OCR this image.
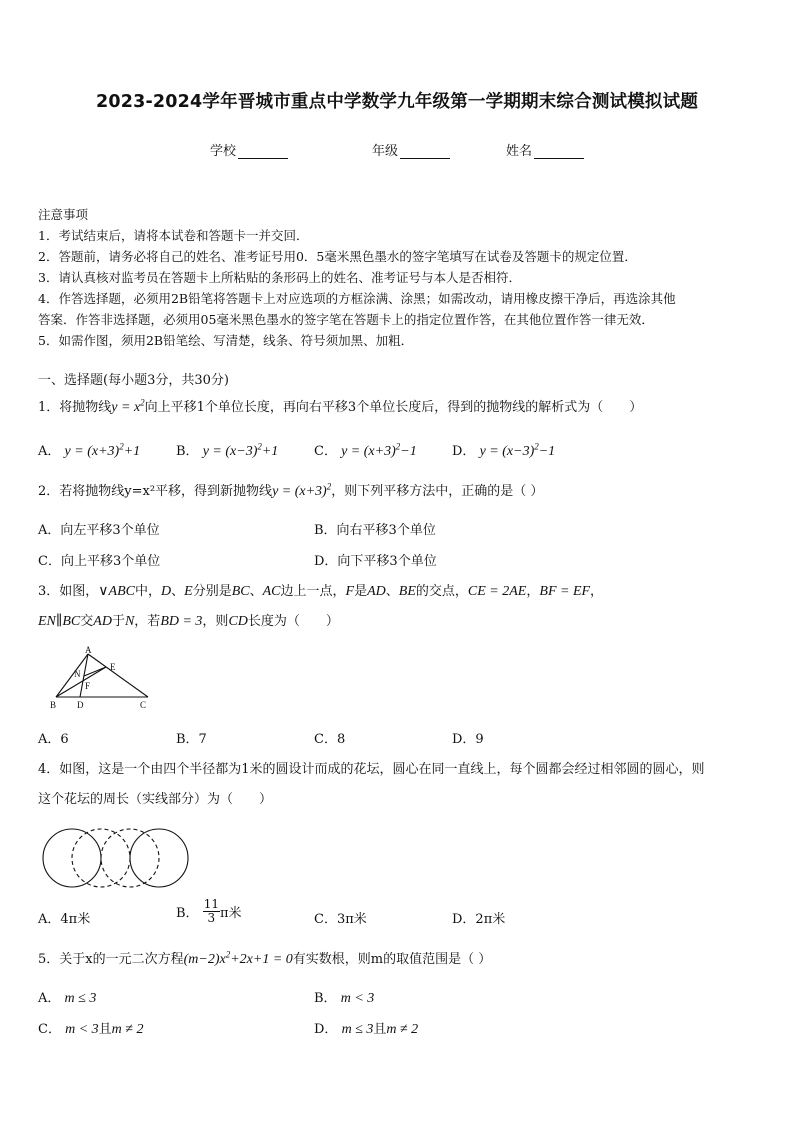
2023-2024学年晋城市重点中学数学九年级第一学期期末综合测试模拟试题
学校	年级	姓名

注意事项

1．考试结束后，请将本试卷和答题卡一并交回．

2．答题前，请务必将自己的姓名、准考证号用0．5毫米黑色墨水的签字笔填写在试卷及答题卡的规定位置．

3．请认真核对监考员在答题卡上所粘贴的条形码上的姓名、准考证号与本人是否相符．

4．作答选择题，必须用2B铅笔将答题卡上对应选项的方框涂满、涂黑；如需改动，请用橡皮擦干净后，再选涂其他

答案．作答非选择题，必须用05毫米黑色墨水的签字笔在答题卡上的指定位置作答，在其他位置作答一律无效．

5．如需作图，须用2B铅笔绘、写清楚，线条、符号须加黑、加粗．

一、选择题(每小题3分，共30分)
1．将抛物线$y = x^2$向上平移1个单位长度，再向右平移3个单位长度后，得到的抛物线的解析式为（　　）
A． $y = (x+3)^2+1$	B． $y = (x-3)^2+1$	C． $y = (x+3)^2-1$	D． $y = (x-3)^2-1$
2．若将抛物线y=x²平移，得到新抛物线$y = (x+3)^2$，则下列平移方法中，正确的是（ ）
A．向左平移3个单位	B．向右平移3个单位
C．向上平移3个单位	D．向下平移3个单位
3．如图，∨ABC中，D、E分别是BC、AC边上一点，F是AD、BE的交点，CE = 2AE，BF = EF，
EN∥BC交AD于N，若BD = 3，则CD长度为（　　）
A
E
N
F
B D	C
A．6	B．7	C．8	D．9
4．如图，这是一个由四个半径都为1米的圆设计而成的花坛，圆心在同一直线上，每个圆都会经过相邻圆的圆心，则
这个花坛的周长（实线部分）为（　　）
A．4π米	B． $\frac{11}{3}$ π米	C．3π米	D．2π米
5．关于x的一元二次方程$(m-2)x^2+2x+1 = 0$有实数根，则m的取值范围是（ ）
A． m ≤ 3	B． m < 3
C． m < 3且m ≠ 2	D． m ≤ 3且m ≠ 2
